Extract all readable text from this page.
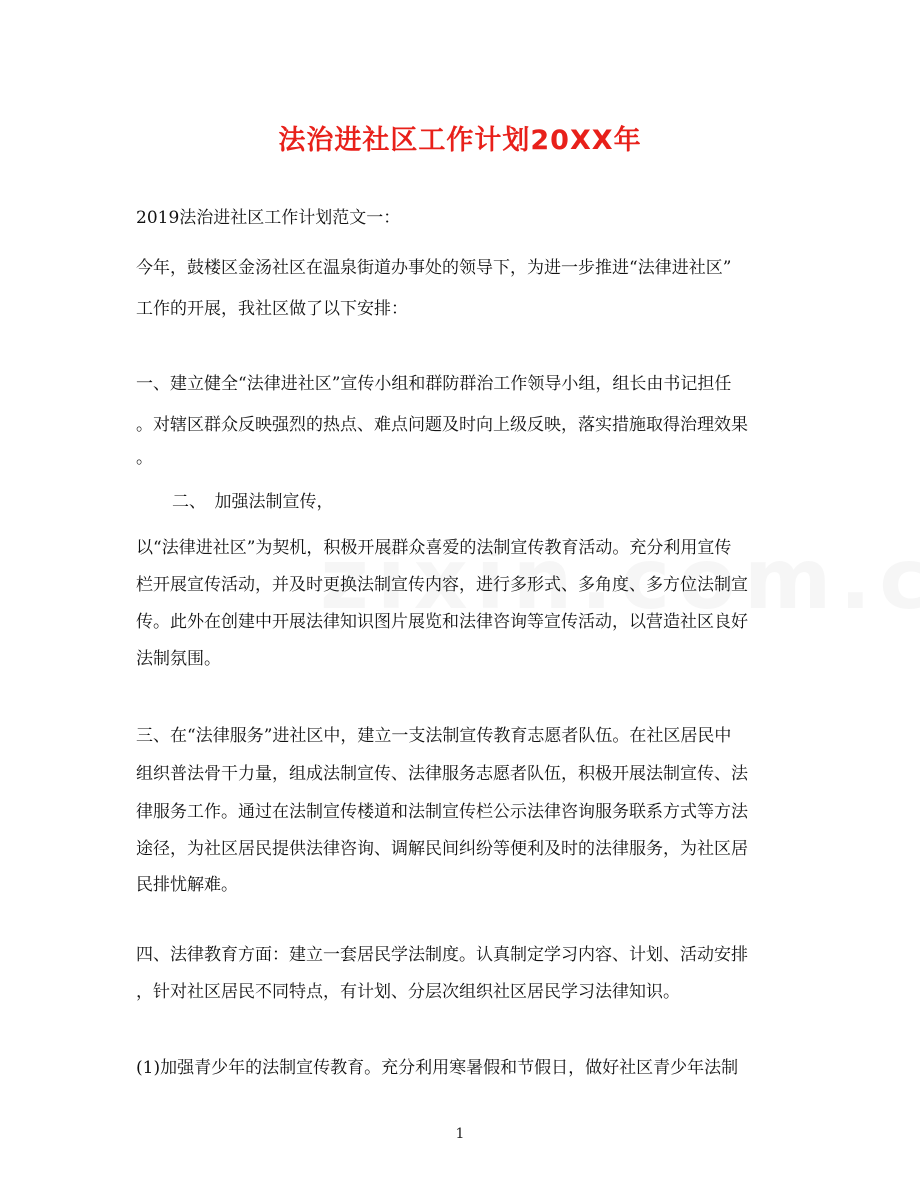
法治进社区工作计划20XX年
2019法治进社区工作计划范文一：
今年，鼓楼区金汤社区在温泉街道办事处的领导下，为进一步推进“法律进社区”
工作的开展，我社区做了以下安排：
一、建立健全“法律进社区”宣传小组和群防群治工作领导小组，组长由书记担任
。对辖区群众反映强烈的热点、难点问题及时向上级反映，落实措施取得治理效果
。
二、　加强法制宣传，
以“法律进社区”为契机，积极开展群众喜爱的法制宣传教育活动。充分利用宣传
栏开展宣传活动，并及时更换法制宣传内容，进行多形式、多角度、多方位法制宣
传。此外在创建中开展法律知识图片展览和法律咨询等宣传活动，以营造社区良好
法制氛围。
三、在“法律服务”进社区中，建立一支法制宣传教育志愿者队伍。在社区居民中
组织普法骨干力量，组成法制宣传、法律服务志愿者队伍，积极开展法制宣传、法
律服务工作。通过在法制宣传楼道和法制宣传栏公示法律咨询服务联系方式等方法
途径，为社区居民提供法律咨询、调解民间纠纷等便利及时的法律服务，为社区居
民排忧解难。
四、法律教育方面：建立一套居民学法制度。认真制定学习内容、计划、活动安排
，针对社区居民不同特点，有计划、分层次组织社区居民学习法律知识。
(1)加强青少年的法制宣传教育。充分利用寒暑假和节假日，做好社区青少年法制
1
